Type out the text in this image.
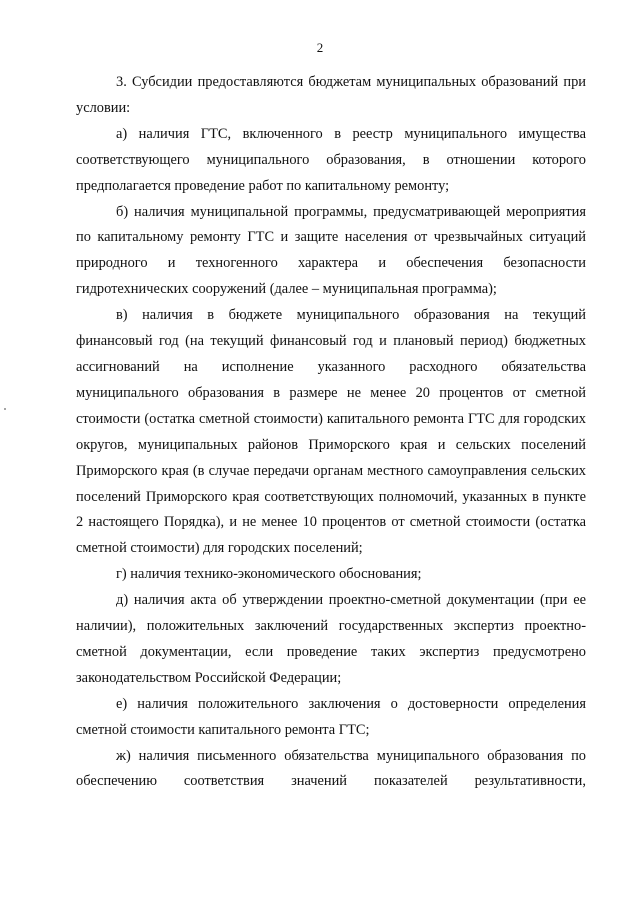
2

3. Субсидии предоставляются бюджетам муниципальных образований при условии:

а) наличия ГТС, включенного в реестр муниципального имущества соответствующего муниципального образования, в отношении которого предполагается проведение работ по капитальному ремонту;

б) наличия муниципальной программы, предусматривающей мероприятия по капитальному ремонту ГТС и защите населения от чрезвычайных ситуаций природного и техногенного характера и обеспечения безопасности гидротехнических сооружений (далее – муниципальная программа);

в) наличия в бюджете муниципального образования на текущий финансовый год (на текущий финансовый год и плановый период) бюджетных ассигнований на исполнение указанного расходного обязательства муниципального образования в размере не менее 20 процентов от сметной стоимости (остатка сметной стоимости) капитального ремонта ГТС для городских округов, муниципальных районов Приморского края и сельских поселений Приморского края (в случае передачи органам местного самоуправления сельских поселений Приморского края соответствующих полномочий, указанных в пункте 2 настоящего Порядка), и не менее 10 процентов от сметной стоимости (остатка сметной стоимости) для городских поселений;

г) наличия технико-экономического обоснования;

д) наличия акта об утверждении проектно-сметной документации (при ее наличии), положительных заключений государственных экспертиз проектно-сметной документации, если проведение таких экспертиз предусмотрено законодательством Российской Федерации;

е) наличия положительного заключения о достоверности определения сметной стоимости капитального ремонта ГТС;

ж) наличия письменного обязательства муниципального образования по обеспечению соответствия значений показателей результативности,
